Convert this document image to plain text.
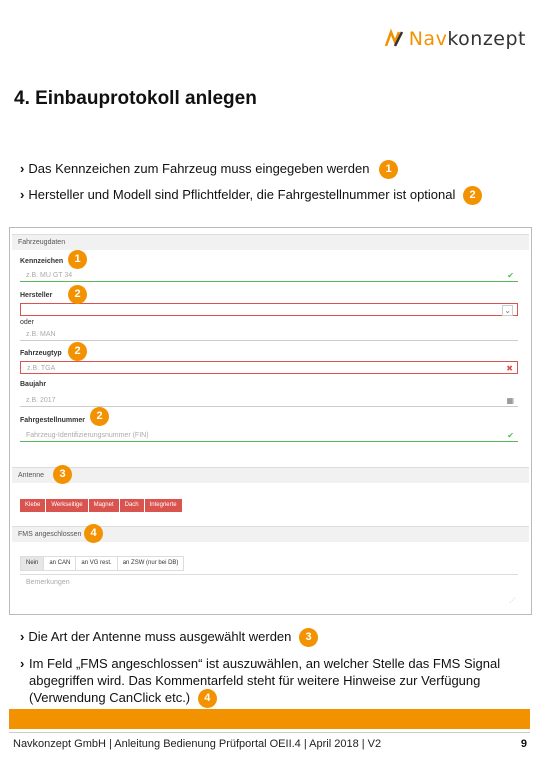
Navkonzept
4. Einbauprotokoll anlegen
› Das Kennzeichen zum Fahrzeug muss eingegeben werden 1
› Hersteller und Modell sind Pflichtfelder, die Fahrgestellnummer ist optional 2
Fahrzeugdaten
Kennzeichen
z.B. MU GT 34	✔
1
Hersteller
⌄
2
oder
z.B. MAN
Fahrzeugtyp
z.B. TGA	✖
2
Baujahr
z.B. 2017	▦
Fahrgestellnummer
Fahrzeug-Identifizierungsnummer (FIN)	✔
2
Antenne	3
Klebe Werkseitige Magnet Dach Integrierte
FMS angeschlossen 4
Nein an CAN an VG rest. an ZSW (nur bei DB)
Bemerkungen
⋰
› Die Art der Antenne muss ausgewählt werden 3
› Im Feld „FMS angeschlossen“ ist auszuwählen, an welcher Stelle das FMS Signal abgegriffen wird. Das Kommentarfeld steht für weitere Hinweise zur Verfügung (Verwendung CanClick etc.) 4
Navkonzept GmbH | Anleitung Bedienung Prüfportal OEII.4 | April 2018 | V2	9
